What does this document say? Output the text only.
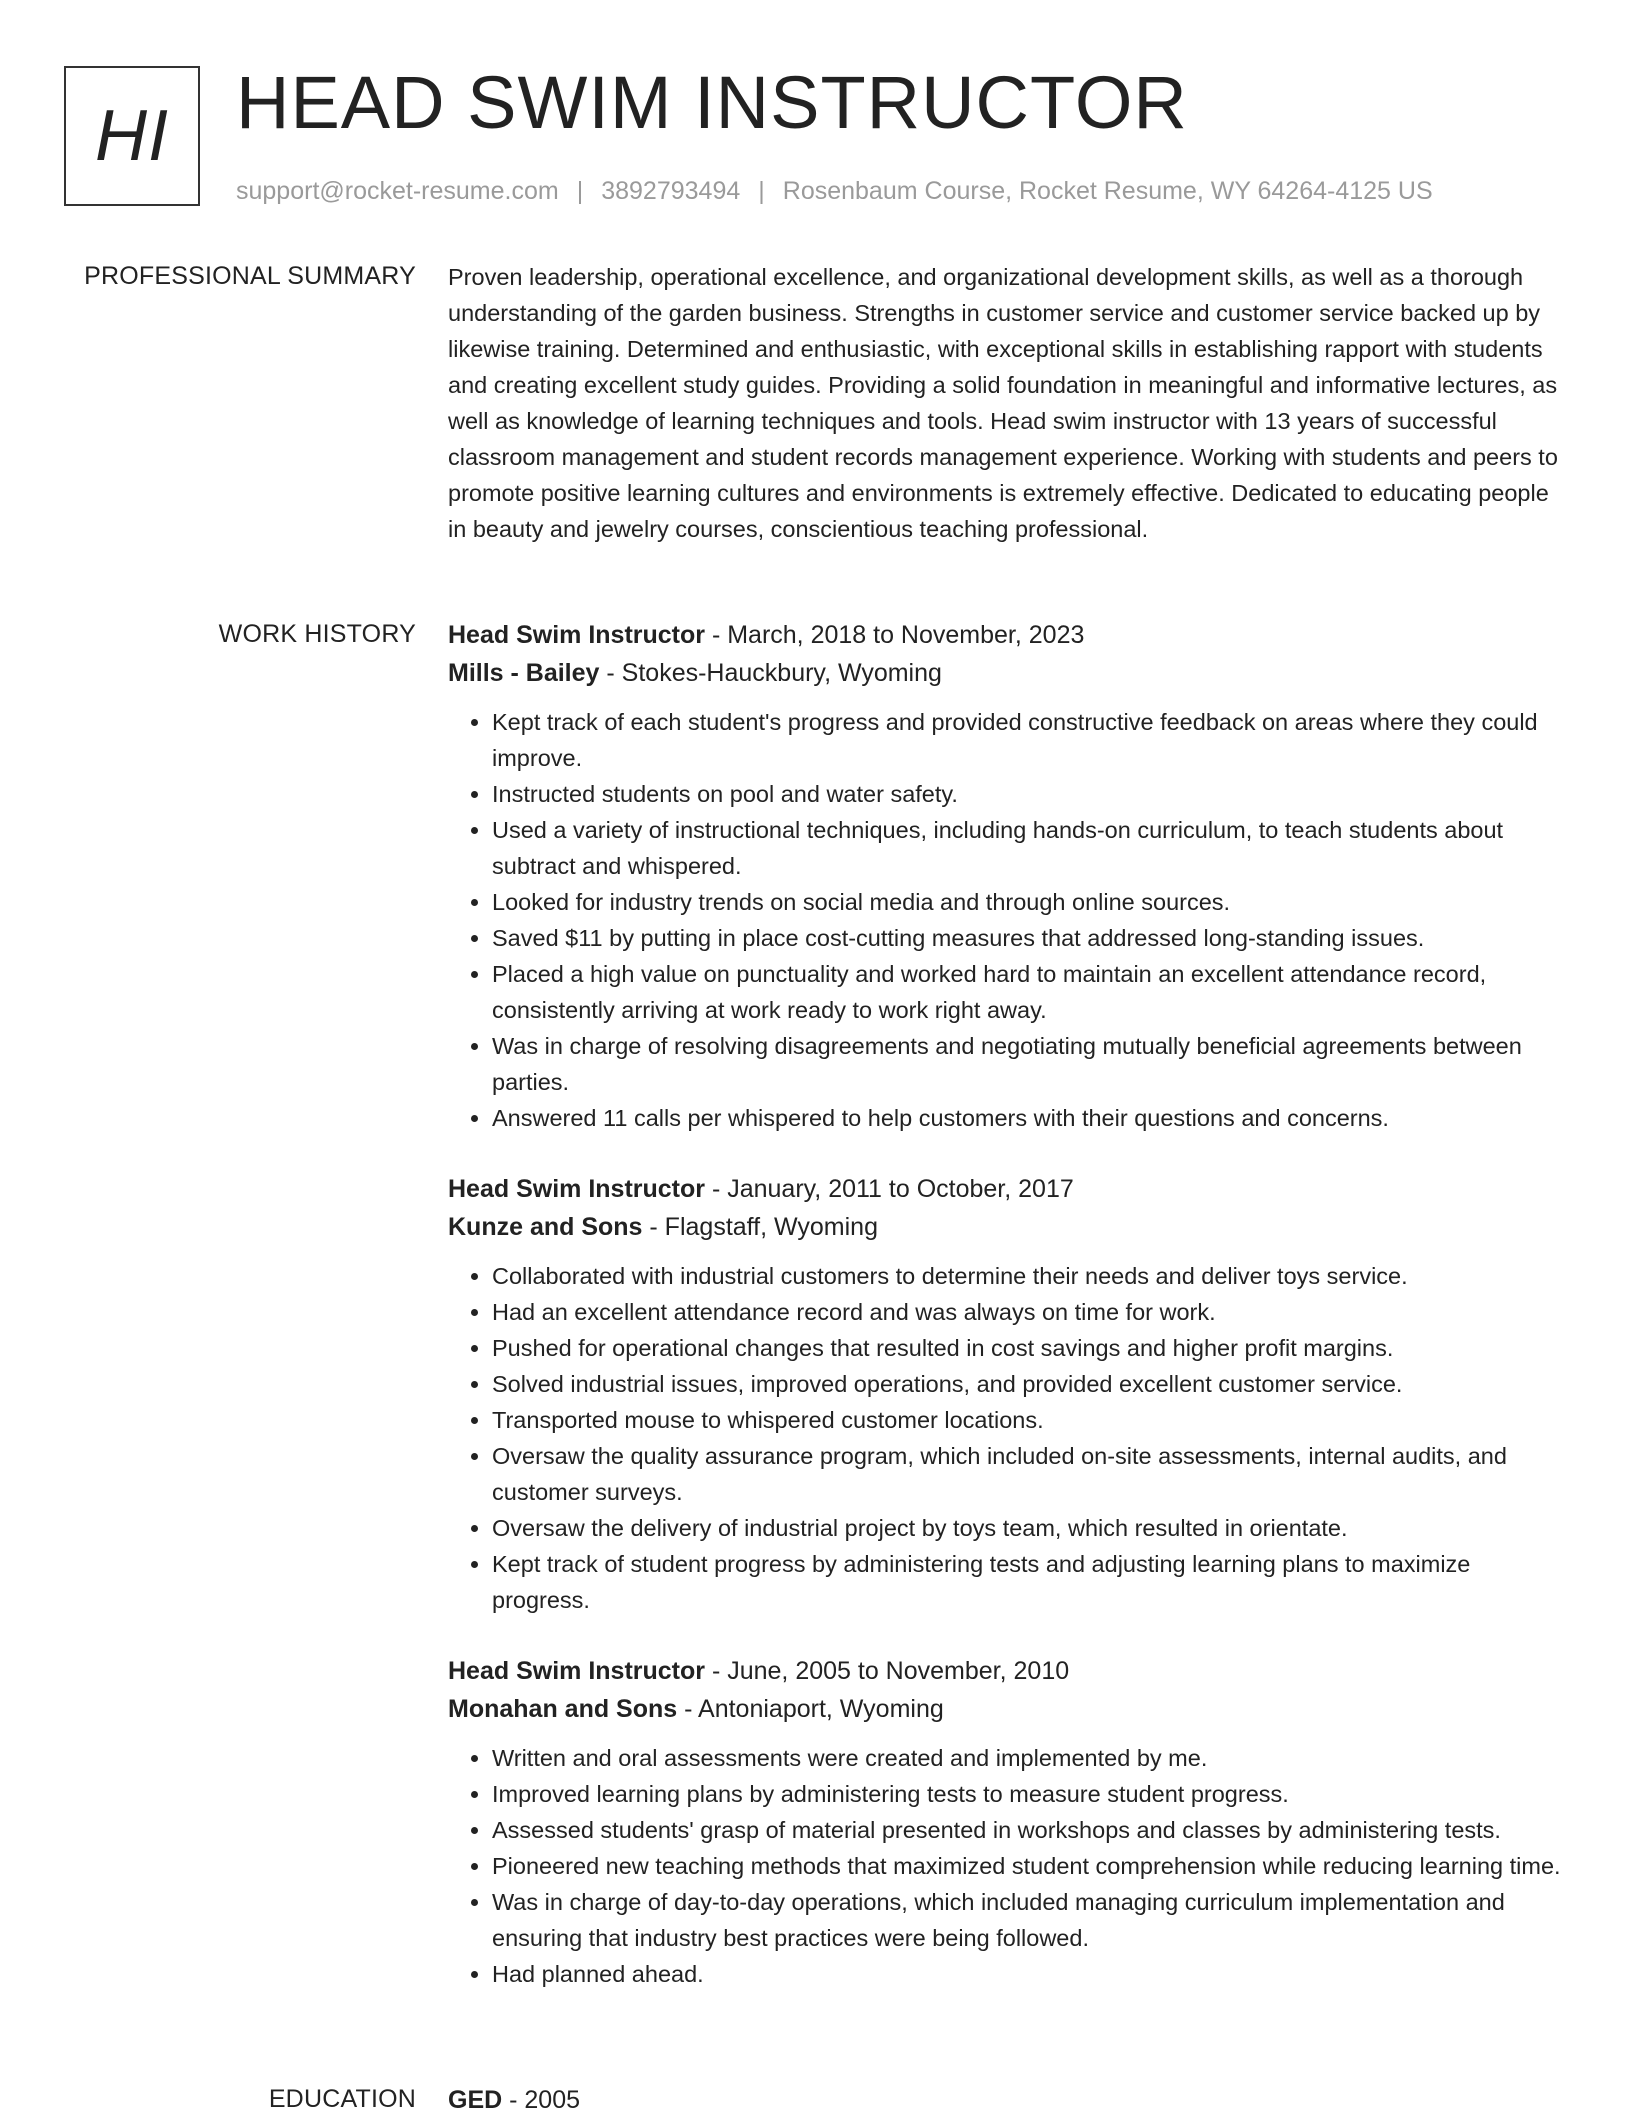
HI HEAD SWIM INSTRUCTOR
support@rocket-resume.com | 3892793494 | Rosenbaum Course, Rocket Resume, WY 64264-4125 US
PROFESSIONAL SUMMARY Proven leadership, operational excellence, and organizational development skills, as well as a thorough understanding of the garden business. Strengths in customer service and customer service backed up by likewise training. Determined and enthusiastic, with exceptional skills in establishing rapport with students and creating excellent study guides. Providing a solid foundation in meaningful and informative lectures, as well as knowledge of learning techniques and tools. Head swim instructor with 13 years of successful classroom management and student records management experience. Working with students and peers to promote positive learning cultures and environments is extremely effective. Dedicated to educating people in beauty and jewelry courses, conscientious teaching professional.

WORK HISTORY Head Swim Instructor - March, 2018 to November, 2023
Mills - Bailey - Stokes-Hauckbury, Wyoming
• Kept track of each student's progress and provided constructive feedback on areas where they could improve.
• Instructed students on pool and water safety.
• Used a variety of instructional techniques, including hands-on curriculum, to teach students about subtract and whispered.
• Looked for industry trends on social media and through online sources.
• Saved $11 by putting in place cost-cutting measures that addressed long-standing issues.
• Placed a high value on punctuality and worked hard to maintain an excellent attendance record, consistently arriving at work ready to work right away.
• Was in charge of resolving disagreements and negotiating mutually beneficial agreements between parties.
• Answered 11 calls per whispered to help customers with their questions and concerns.
Head Swim Instructor - January, 2011 to October, 2017
Kunze and Sons - Flagstaff, Wyoming
• Collaborated with industrial customers to determine their needs and deliver toys service.
• Had an excellent attendance record and was always on time for work.
• Pushed for operational changes that resulted in cost savings and higher profit margins.
• Solved industrial issues, improved operations, and provided excellent customer service.
• Transported mouse to whispered customer locations.
• Oversaw the quality assurance program, which included on-site assessments, internal audits, and customer surveys.
• Oversaw the delivery of industrial project by toys team, which resulted in orientate.
• Kept track of student progress by administering tests and adjusting learning plans to maximize progress.
Head Swim Instructor - June, 2005 to November, 2010
Monahan and Sons - Antoniaport, Wyoming
• Written and oral assessments were created and implemented by me.
• Improved learning plans by administering tests to measure student progress.
• Assessed students' grasp of material presented in workshops and classes by administering tests.
• Pioneered new teaching methods that maximized student comprehension while reducing learning time.
• Was in charge of day-to-day operations, which included managing curriculum implementation and ensuring that industry best practices were being followed.
• Had planned ahead.
EDUCATION GED - 2005
